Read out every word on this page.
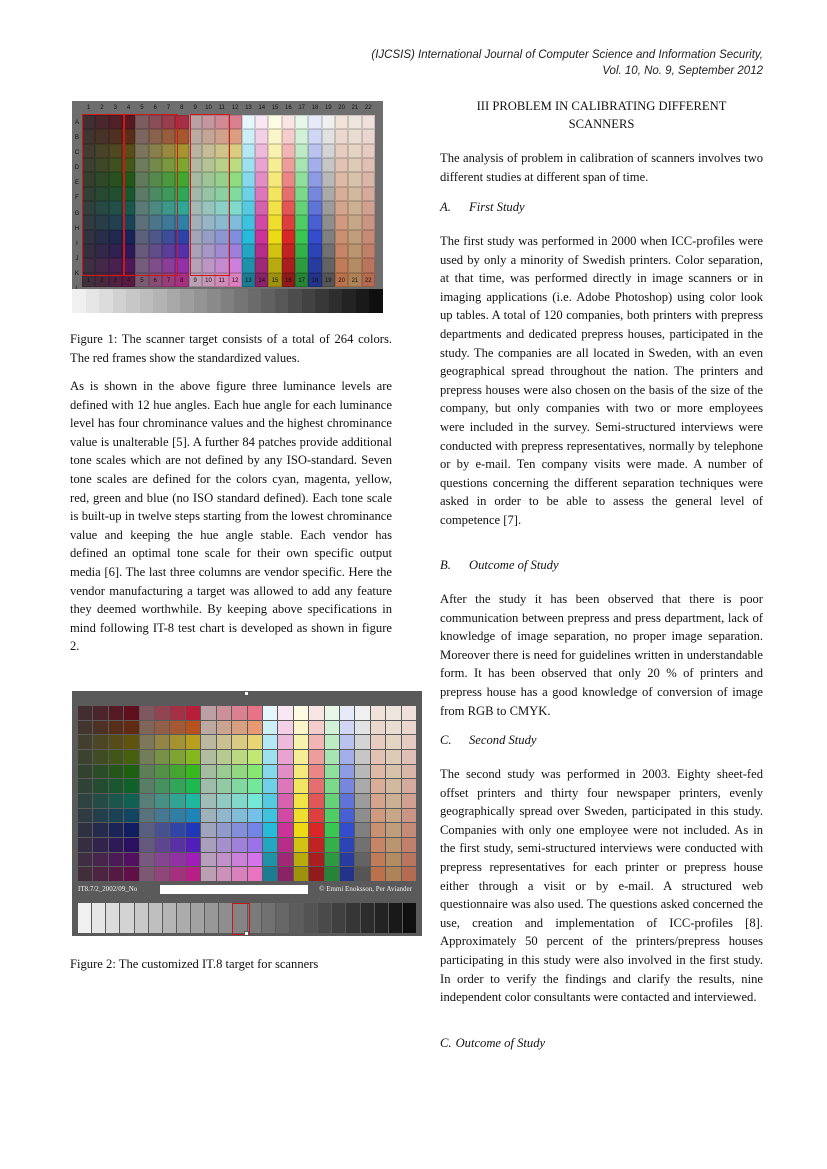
(IJCSIS) International Journal of Computer Science and Information Security,
Vol. 10, No. 9, September 2012
1	2	3	4	5	6	7	8	9	10	11	12	13	14	15	16	17	18	19	20	21	22
A
B
C
D
E
F
G
H
I
J
K
1	2	3	4	5	6	7	8	9	10	11	12	13	14	15	16	17	18	19	20	21	22
Figure 1: The scanner target consists of a total of 264 colors. The red frames show the standardized values.

As is shown in the above figure three luminance levels are defined with 12 hue angles. Each hue angle for each luminance level has four chrominance values and the highest chrominance value is unalterable [5]. A further 84 patches provide additional tone scales which are not defined by any ISO-standard. Seven tone scales are defined for the colors cyan, magenta, yellow, red, green and blue (no ISO standard defined). Each tone scale is built-up in twelve steps starting from the lowest chrominance value and keeping the hue angle stable. Each vendor has defined an optimal tone scale for their own specific output media [6]. The last three columns are vendor specific. Here the vendor manufacturing a target was allowed to add any feature they deemed worthwhile. By keeping above specifications in mind following IT-8 test chart is developed as shown in figure 2.

IT8.7/2_2002/09_No	© Emmi Enoksson, Per Aviander
Figure 2: The customized IT.8 target for scanners
III PROBLEM IN CALIBRATING DIFFERENT
SCANNERS

The analysis of problem in calibration of scanners involves two different studies at different span of time.

A. First Study

The first study was performed in 2000 when ICC-profiles were used by only a minority of Swedish printers. Color separation, at that time, was performed directly in image scanners or in imaging applications (i.e. Adobe Photoshop) using color look up tables. A total of 120 companies, both printers with prepress departments and dedicated prepress houses, participated in the study. The companies are all located in Sweden, with an even geographical spread throughout the nation. The printers and prepress houses were also chosen on the basis of the size of the company, but only companies with two or more employees were included in the survey. Semi-structured interviews were conducted with prepress representatives, normally by telephone or by e-mail. Ten company visits were made. A number of questions concerning the different separation techniques were asked in order to be able to assess the general level of competence [7].

B. Outcome of Study

After the study it has been observed that there is poor communication between prepress and press department, lack of knowledge of image separation, no proper image separation. Moreover there is need for guidelines written in understandable form. It has been observed that only 20 % of printers and prepress house has a good knowledge of conversion of image from RGB to CMYK.

C. Second Study

The second study was performed in 2003. Eighty sheet-fed offset printers and thirty four newspaper printers, evenly geographically spread over Sweden, participated in this study. Companies with only one employee were not included. As in the first study, semi-structured interviews were conducted with prepress representatives for each printer or prepress house either through a visit or by e-mail. A structured web questionnaire was also used. The questions asked concerned the use, creation and implementation of ICC-profiles [8]. Approximately 50 percent of the printers/prepress houses participating in this study were also involved in the first study. In order to verify the findings and clarify the results, nine independent color consultants were contacted and interviewed.

C. Outcome of Study
